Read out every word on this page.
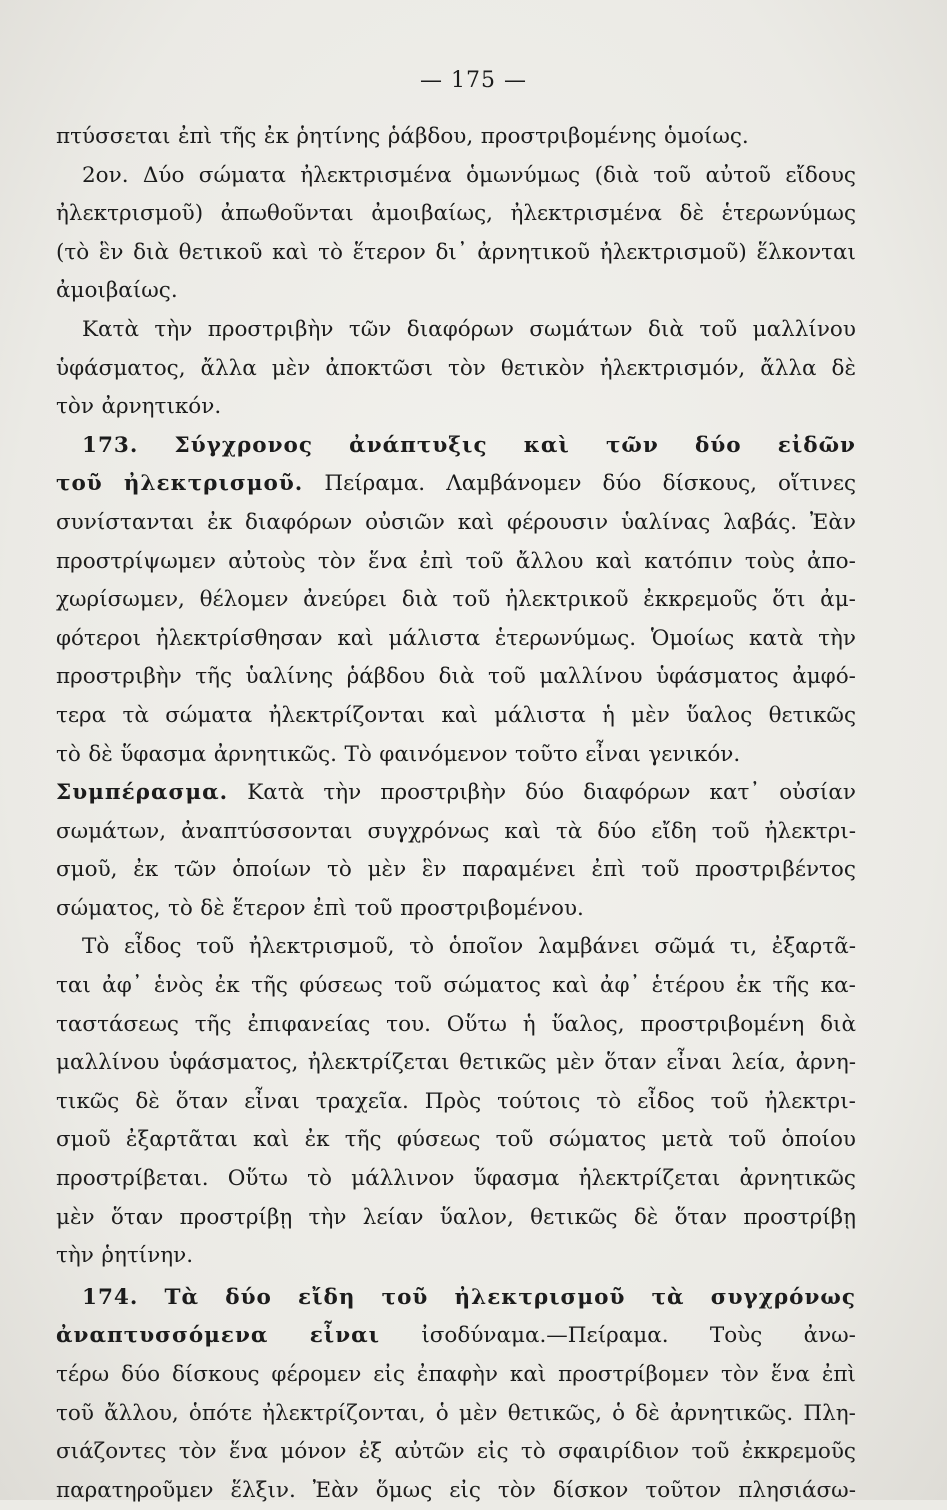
— 175 —
πτύσσεται ἐπὶ τῆς ἐκ ῥητίνης ῥάβδου, προστριβομένης ὁμοίως.
2ον. Δύο σώματα ἠλεκτρισμένα ὁμωνύμως (διὰ τοῦ αὐτοῦ εἴδους
ἠλεκτρισμοῦ) ἀπωθοῦνται ἀμοιβαίως, ἠλεκτρισμένα δὲ ἑτερωνύμως
(τὸ ἓν διὰ θετικοῦ καὶ τὸ ἕτερον δι᾽ ἀρνητικοῦ ἠλεκτρισμοῦ) ἕλκονται
ἀμοιβαίως.
Κατὰ τὴν προστριβὴν τῶν διαφόρων σωμάτων διὰ τοῦ μαλλίνου
ὑφάσματος, ἄλλα μὲν ἀποκτῶσι τὸν θετικὸν ἠλεκτρισμόν, ἄλλα δὲ
τὸν ἀρνητικόν.
173. Σύγχρονος ἀνάπτυξις καὶ τῶν δύο εἰδῶν
τοῦ ἠλεκτρισμοῦ. Πείραμα. Λαμβάνομεν δύο δίσκους, οἵτινες
συνίστανται ἐκ διαφόρων οὐσιῶν καὶ φέρουσιν ὑαλίνας λαβάς. Ἐὰν
προστρίψωμεν αὐτοὺς τὸν ἕνα ἐπὶ τοῦ ἄλλου καὶ κατόπιν τοὺς ἀπο-
χωρίσωμεν, θέλομεν ἀνεύρει διὰ τοῦ ἠλεκτρικοῦ ἐκκρεμοῦς ὅτι ἀμ-
φότεροι ἠλεκτρίσθησαν καὶ μάλιστα ἑτερωνύμως. Ὁμοίως κατὰ τὴν
προστριβὴν τῆς ὑαλίνης ῥάβδου διὰ τοῦ μαλλίνου ὑφάσματος ἀμφό-
τερα τὰ σώματα ἠλεκτρίζονται καὶ μάλιστα ἡ μὲν ὕαλος θετικῶς
τὸ δὲ ὕφασμα ἀρνητικῶς. Τὸ φαινόμενον τοῦτο εἶναι γενικόν.
Συμπέρασμα. Κατὰ τὴν προστριβὴν δύο διαφόρων κατ᾽ οὐσίαν
σωμάτων, ἀναπτύσσονται συγχρόνως καὶ τὰ δύο εἴδη τοῦ ἠλεκτρι-
σμοῦ, ἐκ τῶν ὁποίων τὸ μὲν ἓν παραμένει ἐπὶ τοῦ προστριβέντος
σώματος, τὸ δὲ ἕτερον ἐπὶ τοῦ προστριβομένου.
Τὸ εἶδος τοῦ ἠλεκτρισμοῦ, τὸ ὁποῖον λαμβάνει σῶμά τι, ἐξαρτᾶ-
ται ἀφ᾽ ἑνὸς ἐκ τῆς φύσεως τοῦ σώματος καὶ ἀφ᾽ ἑτέρου ἐκ τῆς κα-
ταστάσεως τῆς ἐπιφανείας του. Οὕτω ἡ ὕαλος, προστριβομένη διὰ
μαλλίνου ὑφάσματος, ἠλεκτρίζεται θετικῶς μὲν ὅταν εἶναι λεία, ἀρνη-
τικῶς δὲ ὅταν εἶναι τραχεῖα. Πρὸς τούτοις τὸ εἶδος τοῦ ἠλεκτρι-
σμοῦ ἐξαρτᾶται καὶ ἐκ τῆς φύσεως τοῦ σώματος μετὰ τοῦ ὁποίου
προστρίβεται. Οὕτω τὸ μάλλινον ὕφασμα ἠλεκτρίζεται ἀρνητικῶς
μὲν ὅταν προστρίβῃ τὴν λείαν ὕαλον, θετικῶς δὲ ὅταν προστρίβῃ
τὴν ῥητίνην.
174. Τὰ δύο εἴδη τοῦ ἠλεκτρισμοῦ τὰ συγχρόνως
ἀναπτυσσόμενα εἶναι ἰσοδύναμα.—Πείραμα. Τοὺς ἀνω-
τέρω δύο δίσκους φέρομεν εἰς ἐπαφὴν καὶ προστρίβομεν τὸν ἕνα ἐπὶ
τοῦ ἄλλου, ὁπότε ἠλεκτρίζονται, ὁ μὲν θετικῶς, ὁ δὲ ἀρνητικῶς. Πλη-
σιάζοντες τὸν ἕνα μόνον ἐξ αὐτῶν εἰς τὸ σφαιρίδιον τοῦ ἐκκρεμοῦς
παρατηροῦμεν ἕλξιν. Ἐὰν ὅμως εἰς τὸν δίσκον τοῦτον πλησιάσω-
